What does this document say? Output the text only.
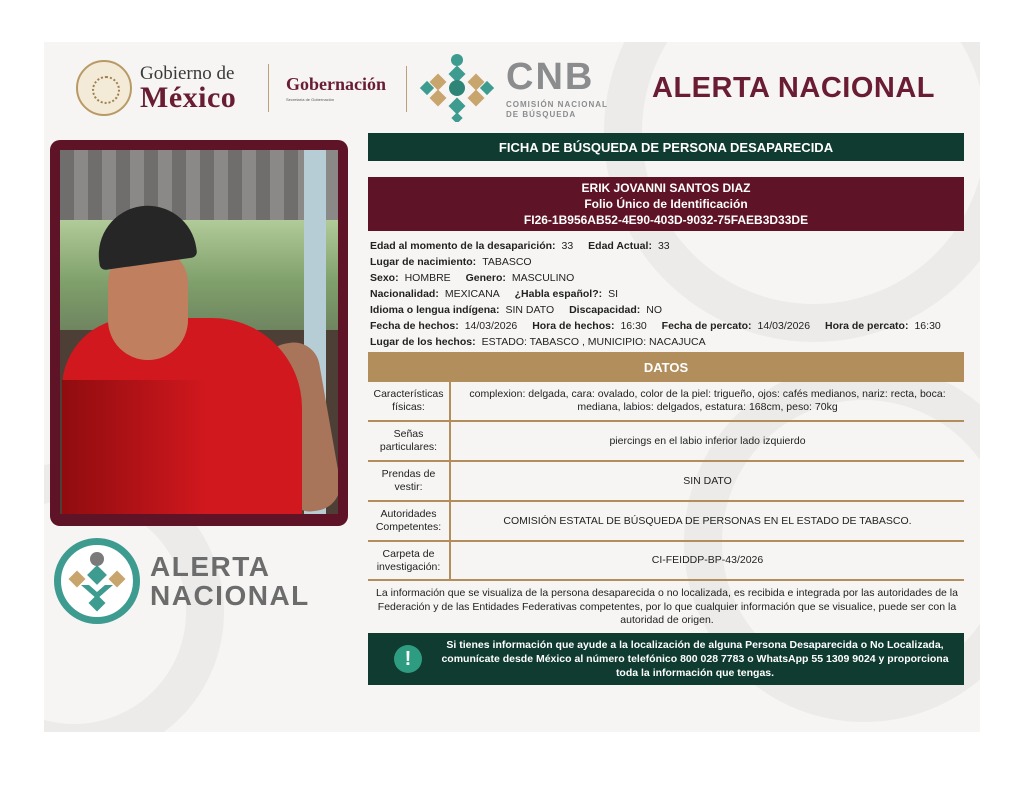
Gobierno de
México	Gobernación
Secretaría de Gobernación
CNB
COMISIÓN NACIONAL
DE BÚSQUEDA
ALERTA NACIONAL
ALERTA
NACIONAL
FICHA DE BÚSQUEDA DE PERSONA DESAPARECIDA
ERIK JOVANNI SANTOS DIAZ
Folio Único de Identificación
FI26-1B956AB52-4E90-403D-9032-75FAEB3D33DE
Edad al momento de la desaparición: 33 Edad Actual: 33
Lugar de nacimiento: TABASCO
Sexo: HOMBRE Genero: MASCULINO
Nacionalidad: MEXICANA ¿Habla español?: SI
Idioma o lengua indígena: SIN DATO Discapacidad: NO
Fecha de hechos: 14/03/2026 Hora de hechos: 16:30 Fecha de percato: 14/03/2026 Hora de percato: 16:30
Lugar de los hechos: ESTADO: TABASCO , MUNICIPIO: NACAJUCA
DATOS
Características físicas:	complexion: delgada, cara: ovalado, color de la piel: trigueño, ojos: cafés medianos, nariz: recta, boca: mediana, labios: delgados, estatura: 168cm, peso: 70kg
Señas particulares:	piercings en el labio inferior lado izquierdo
Prendas de vestir:	SIN DATO
Autoridades Competentes:	COMISIÓN ESTATAL DE BÚSQUEDA DE PERSONAS EN EL ESTADO DE TABASCO.
Carpeta de investigación:	CI-FEIDDP-BP-43/2026
La información que se visualiza de la persona desaparecida o no localizada, es recibida e integrada por las autoridades de la Federación y de las Entidades Federativas competentes, por lo que cualquier información que se visualice, puede ser con la autoridad de origen.
!
Si tienes información que ayude a la localización de alguna Persona Desaparecida o No Localizada, comunícate desde México al número telefónico 800 028 7783 o WhatsApp 55 1309 9024 y proporciona toda la información que tengas.
